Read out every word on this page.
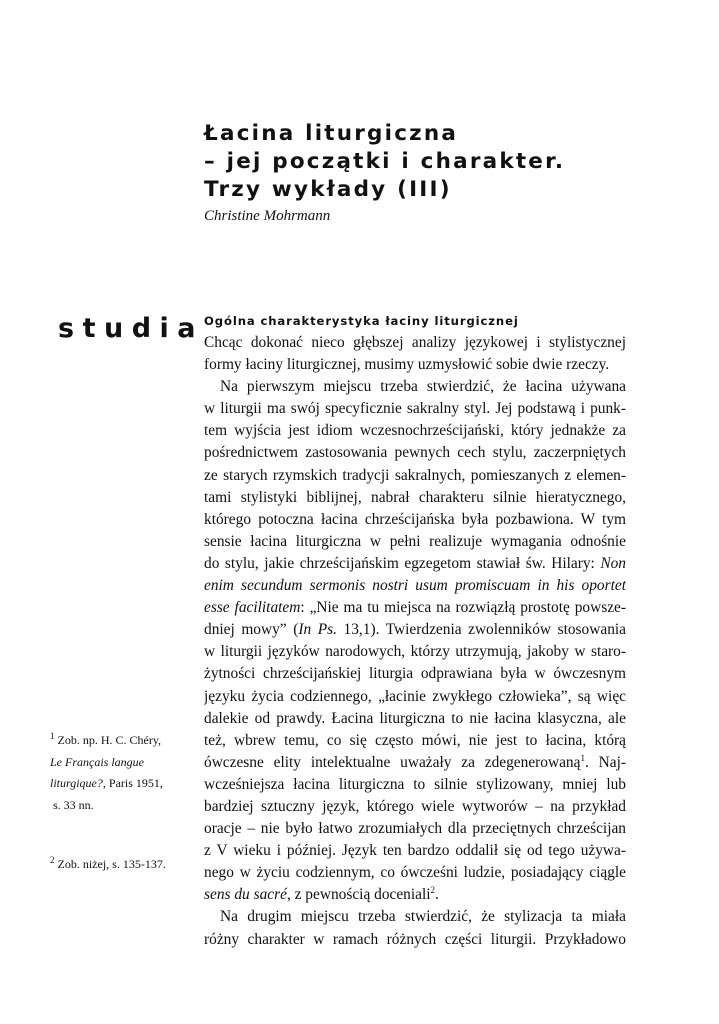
Łacina liturgiczna
– jej początki i charakter.
Trzy wykłady (III)
Christine Mohrmann
studia Ogólna charakterystyka łaciny liturgicznej
Chcąc dokonać nieco głębszej analizy językowej i stylistycznej
formy łaciny liturgicznej, musimy uzmysłowić sobie dwie rzeczy.
Na pierwszym miejscu trzeba stwierdzić, że łacina używana
w liturgii ma swój specyficznie sakralny styl. Jej podstawą i punk-
tem wyjścia jest idiom wczesnochrześcijański, który jednakże za
pośrednictwem zastosowania pewnych cech stylu, zaczerpniętych
ze starych rzymskich tradycji sakralnych, pomieszanych z elemen-
tami stylistyki biblijnej, nabrał charakteru silnie hieratycznego,
którego potoczna łacina chrześcijańska była pozbawiona. W tym
sensie łacina liturgiczna w pełni realizuje wymagania odnośnie
do stylu, jakie chrześcijańskim egzegetom stawiał św. Hilary: Non
enim secundum sermonis nostri usum promiscuam in his oportet
esse facilitatem: „Nie ma tu miejsca na rozwiązłą prostotę powsze-
dniej mowy” (In Ps. 13,1). Twierdzenia zwolenników stosowania
w liturgii języków narodowych, którzy utrzymują, jakoby w staro-
żytności chrześcijańskiej liturgia odprawiana była w ówczesnym
języku życia codziennego, „łacinie zwykłego człowieka”, są więc
dalekie od prawdy. Łacina liturgiczna to nie łacina klasyczna, ale
też, wbrew temu, co się często mówi, nie jest to łacina, którą
ówczesne elity intelektualne uważały za zdegenerowaną$^1$. Naj-
wcześniejsza łacina liturgiczna to silnie stylizowany, mniej lub
bardziej sztuczny język, którego wiele wytworów – na przykład
oracje – nie było łatwo zrozumiałych dla przeciętnych chrześcijan
z V wieku i później. Język ten bardzo oddalił się od tego używa-
nego w życiu codziennym, co ówcześni ludzie, posiadający ciągle
sens du sacré, z pewnością doceniali$^2$.
Na drugim miejscu trzeba stwierdzić, że stylizacja ta miała
różny charakter w ramach różnych części liturgii. Przykładowo
$^1$ Zob. np. H. C. Chéry,
Le Français langue
liturgique?, Paris 1951,
s. 33 nn.
$^2$ Zob. niżej, s. 135-137.
